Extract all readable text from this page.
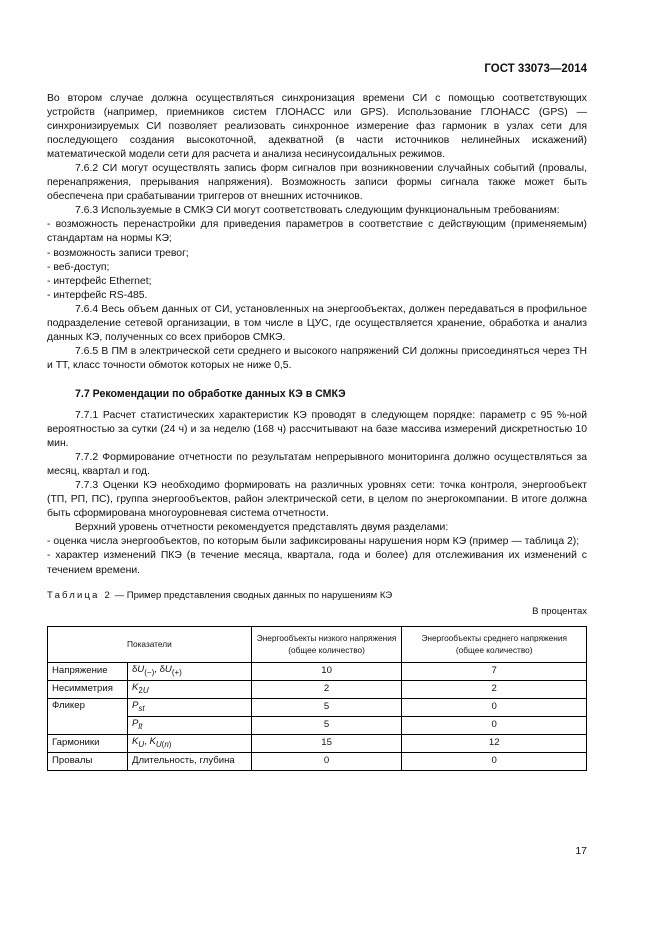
ГОСТ 33073—2014

Во втором случае должна осуществляться синхронизация времени СИ с помощью соответствующих устройств (например, приемников систем ГЛОНАСС или GPS). Использование ГЛОНАСС (GPS) — синхронизируемых СИ позволяет реализовать синхронное измерение фаз гармоник в узлах сети для последующего создания высокоточной, адекватной (в части источников нелинейных искажений) математической модели сети для расчета и анализа несинусоидальных режимов.

7.6.2 СИ могут осуществлять запись форм сигналов при возникновении случайных событий (провалы, перенапряжения, прерывания напряжения). Возможность записи формы сигнала также может быть обеспечена при срабатывании триггеров от внешних источников.

7.6.3 Используемые в СМКЭ СИ могут соответствовать следующим функциональным требованиям:

- возможность перенастройки для приведения параметров в соответствие с действующим (применяемым) стандартам на нормы КЭ;

- возможность записи тревог;

- веб-доступ;

- интерфейс Ethernet;

- интерфейс RS-485.

7.6.4 Весь объем данных от СИ, установленных на энергообъектах, должен передаваться в профильное подразделение сетевой организации, в том числе в ЦУС, где осуществляется хранение, обработка и анализ данных КЭ, полученных со всех приборов СМКЭ.

7.6.5 В ПМ в электрической сети среднего и высокого напряжений СИ должны присоединяться через ТН и ТТ, класс точности обмоток которых не ниже 0,5.

7.7 Рекомендации по обработке данных КЭ в СМКЭ

7.7.1 Расчет статистических характеристик КЭ проводят в следующем порядке: параметр с 95 %-ной вероятностью за сутки (24 ч) и за неделю (168 ч) рассчитывают на базе массива измерений дискретностью 10 мин.

7.7.2 Формирование отчетности по результатам непрерывного мониторинга должно осуществляться за месяц, квартал и год.

7.7.3 Оценки КЭ необходимо формировать на различных уровнях сети: точка контроля, энергообъект (ТП, РП, ПС), группа энергообъектов, район электрической сети, в целом по энергокомпании. В итоге должна быть сформирована многоуровневая система отчетности.

Верхний уровень отчетности рекомендуется представлять двумя разделами:

- оценка числа энергообъектов, по которым были зафиксированы нарушения норм КЭ (пример — таблица 2);

- характер изменений ПКЭ (в течение месяца, квартала, года и более) для отслеживания их изменений с течением времени.

Таблица 2 — Пример представления сводных данных по нарушениям КЭ
В процентах
Показатели		Энергообъекты низкого напряжения (общее количество)	Энергообъекты среднего напряжения (общее количество)
Напряжение	$\delta U_{(-)}$, $\delta U_{(+)}$	10	7
Несимметрия	$K_{2U}$	2	2
Фликер	$P_{st}$	5	0
	$P_{lt}$	5	0
Гармоники	$K_U$, $K_{U(n)}$	15	12
Провалы	Длительность, глубина	0	0
17
